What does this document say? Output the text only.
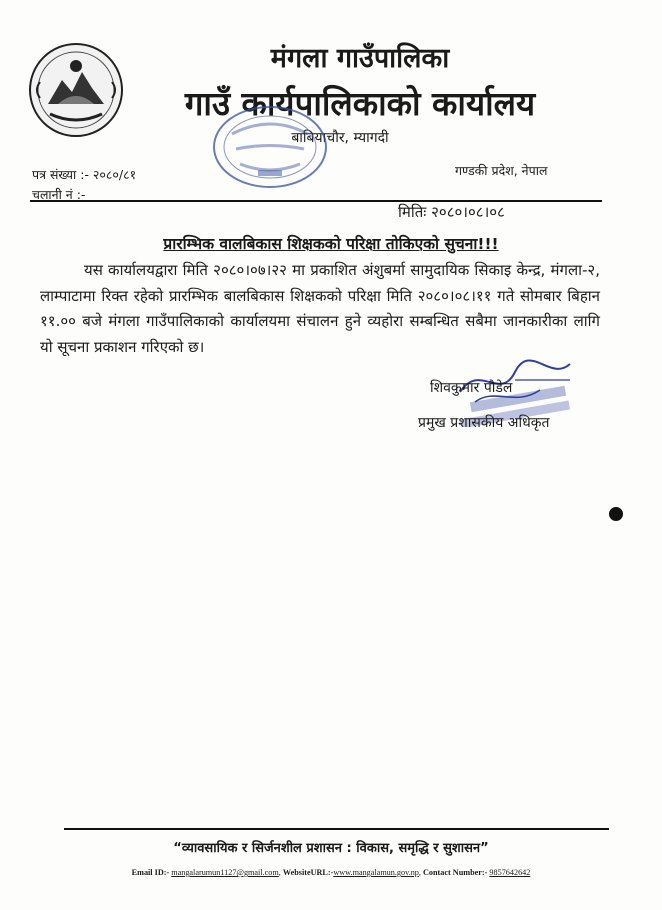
मंगला गाउँपालिका
गाउँ कार्यपालिकाको कार्यालय
बाबियाचौर, म्यागदी
गण्डकी प्रदेश, नेपाल
पत्र संख्या :- २०८०/८१
चलानी नं :-
मितिः २०८०।०८।०८
प्रारम्भिक वालबिकास शिक्षकको परिक्षा तोकिएको सुचना!!!
यस कार्यालयद्वारा मिति २०८०।०७।२२ मा प्रकाशित अंशुबर्मा सामुदायिक सिकाइ केन्द्र, मंगला-२, लाम्पाटामा रिक्त रहेको प्रारम्भिक बालबिकास शिक्षकको परिक्षा मिति २०८०।०८।११ गते सोमबार बिहान ११.०० बजे मंगला गाउँपालिकाको कार्यालयमा संचालन हुने व्यहोरा सम्बन्धित सबैमा जानकारीका लागि यो सूचना प्रकाशन गरिएको छ।
शिवकुमार पौडेल
प्रमुख प्रशासकीय अधिकृत
“व्यावसायिक र सिर्जनशील प्रशासन : विकास, समृद्धि र सुशासन”
Email ID:- mangalarumun1127@gmail.com, WebsiteURL:-www.mangalamun.gov.np, Contact Number:- 9857642642
